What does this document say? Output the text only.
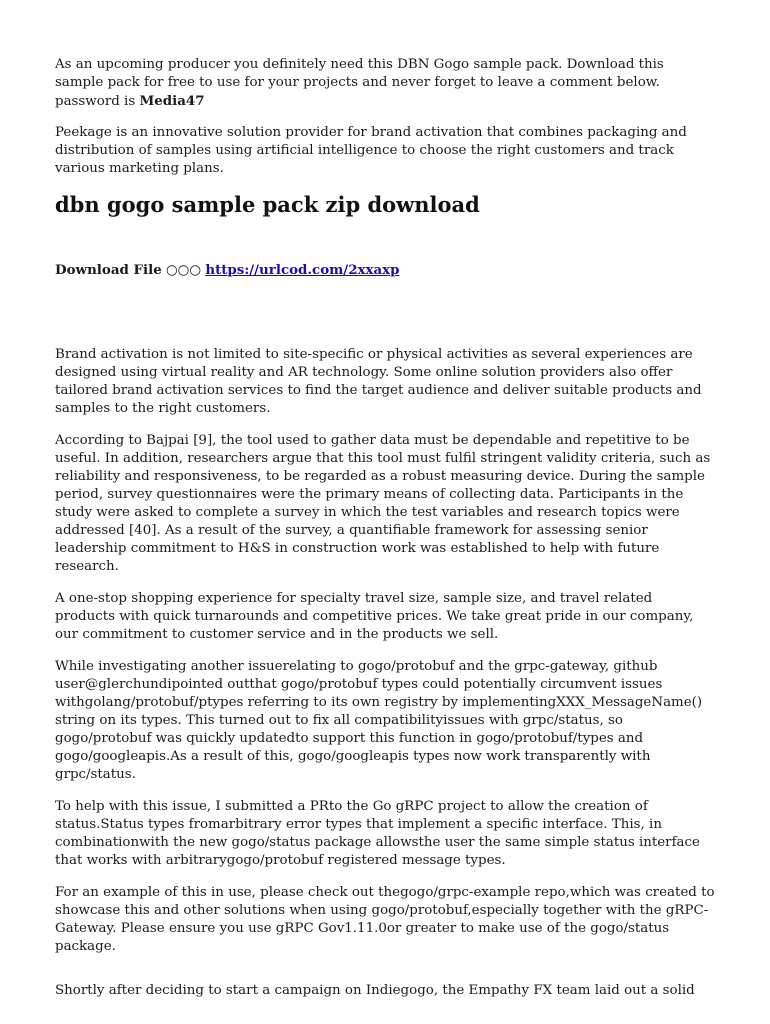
As an upcoming producer you definitely need this DBN Gogo sample pack. Download this sample pack for free to use for your projects and never forget to leave a comment below. password is Media47

Peekage is an innovative solution provider for brand activation that combines packaging and distribution of samples using artificial intelligence to choose the right customers and track various marketing plans.

dbn gogo sample pack zip download
Download File ○○○ https://urlcod.com/2xxaxp

Brand activation is not limited to site-specific or physical activities as several experiences are designed using virtual reality and AR technology. Some online solution providers also offer tailored brand activation services to find the target audience and deliver suitable products and samples to the right customers.

According to Bajpai [9], the tool used to gather data must be dependable and repetitive to be useful. In addition, researchers argue that this tool must fulfil stringent validity criteria, such as reliability and responsiveness, to be regarded as a robust measuring device. During the sample period, survey questionnaires were the primary means of collecting data. Participants in the study were asked to complete a survey in which the test variables and research topics were addressed [40]. As a result of the survey, a quantifiable framework for assessing senior leadership commitment to H&S in construction work was established to help with future research.

A one-stop shopping experience for specialty travel size, sample size, and travel related products with quick turnarounds and competitive prices. We take great pride in our company, our commitment to customer service and in the products we sell.

While investigating another issuerelating to gogo/protobuf and the grpc-gateway, github user@glerchundipointed outthat gogo/protobuf types could potentially circumvent issues withgolang/protobuf/ptypes referring to its own registry by implementingXXX_MessageName() string on its types. This turned out to fix all compatibilityissues with grpc/status, so gogo/protobuf was quickly updatedto support this function in gogo/protobuf/types and gogo/googleapis.As a result of this, gogo/googleapis types now work transparently with grpc/status.

To help with this issue, I submitted a PRto the Go gRPC project to allow the creation of status.Status types fromarbitrary error types that implement a specific interface. This, in combinationwith the new gogo/status package allowsthe user the same simple status interface that works with arbitrarygogo/protobuf registered message types.

For an example of this in use, please check out thegogo/grpc-example repo,which was created to showcase this and other solutions when using gogo/protobuf,especially together with the gRPC-Gateway. Please ensure you use gRPC Gov1.11.0or greater to make use of the gogo/status package.

Shortly after deciding to start a campaign on Indiegogo, the Empathy FX team laid out a solid
